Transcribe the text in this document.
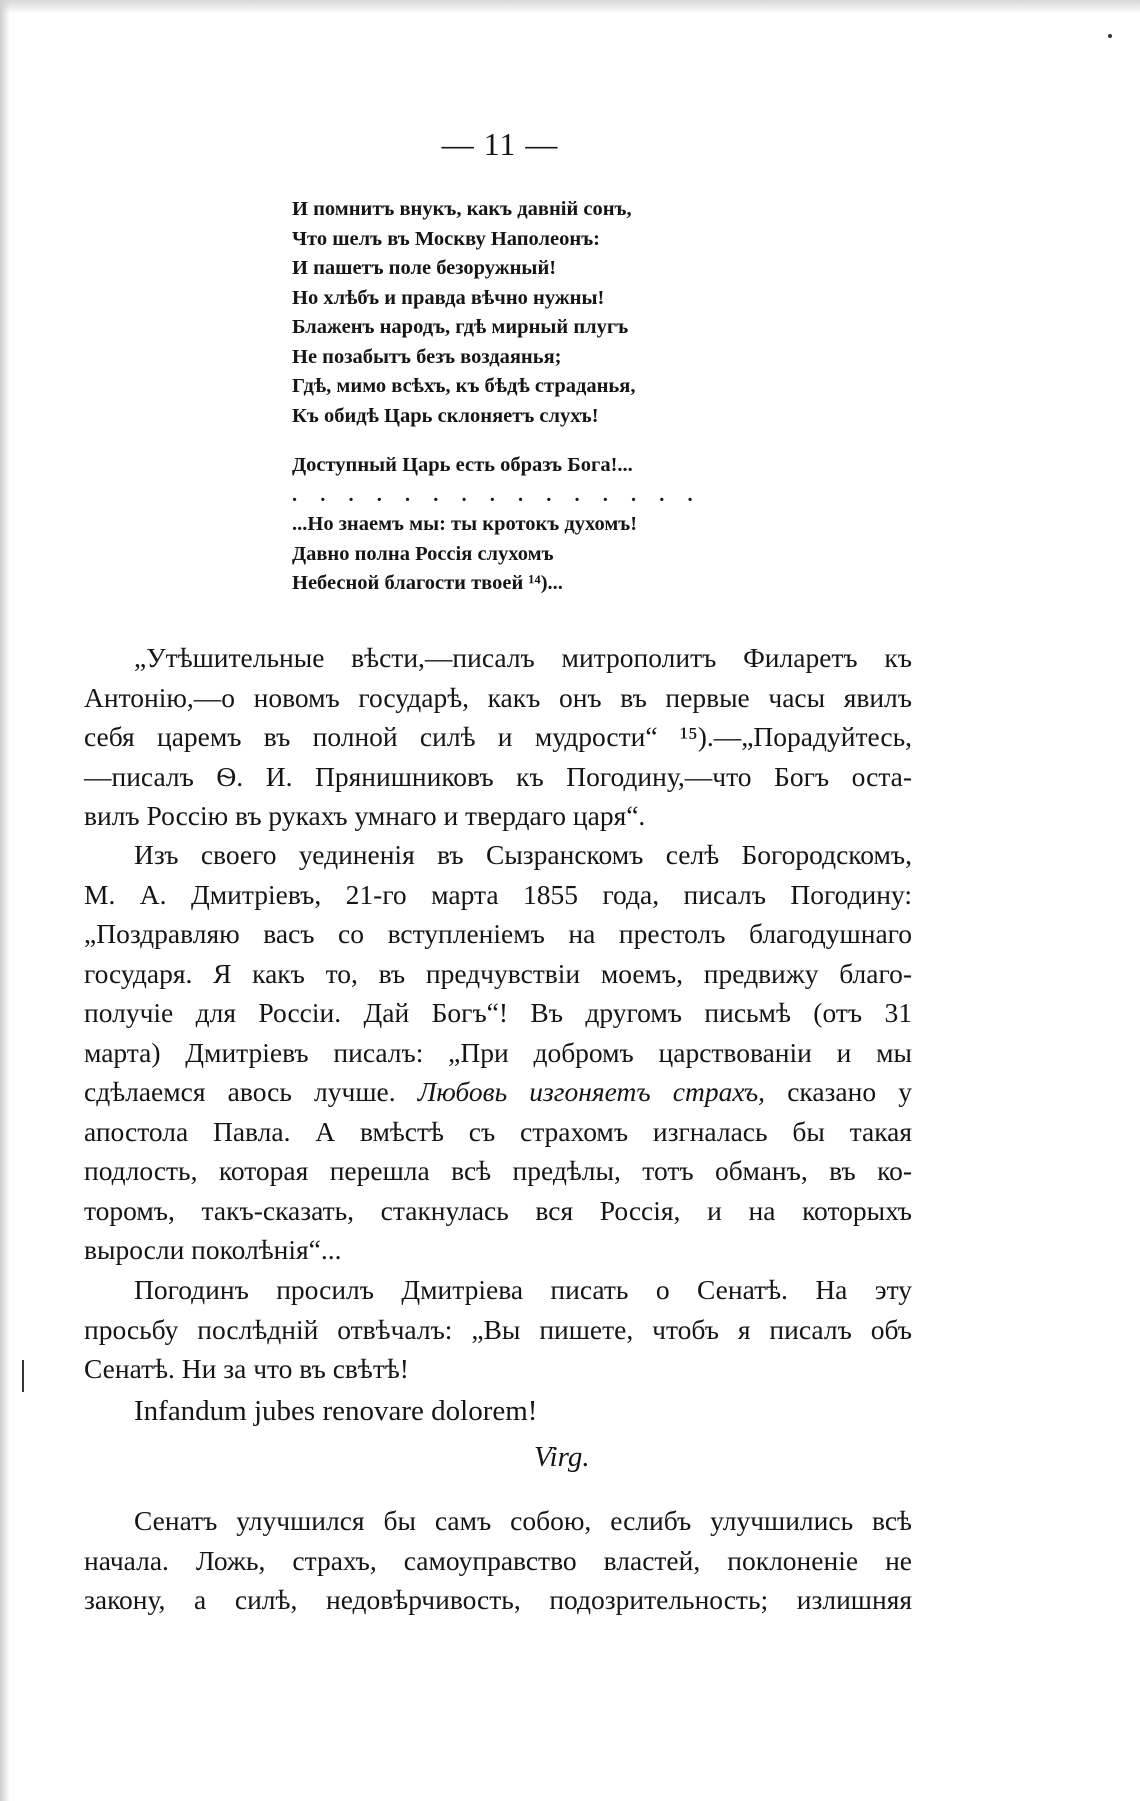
— 11 —
И помнитъ внукъ, какъ давній сонъ,
Что шелъ въ Москву Наполеонъ:
И пашетъ поле безоружный!
Но хлѣбъ и правда вѣчно нужны!
Блаженъ народъ, гдѣ мирный плугъ
Не позабытъ безъ воздаянья;
Гдѣ, мимо всѣхъ, къ бѣдѣ страданья,
Къ обидѣ Царь склоняетъ слухъ!
Доступный Царь есть образъ Бога!...
. . . . . . . . . . . . . . .
...Но знаемъ мы: ты кротокъ духомъ!
Давно полна Россія слухомъ
Небесной благости твоей ¹⁴)...
„Утѣшительные вѣсти,—писалъ митрополитъ Филаретъ къ
Антонію,—о новомъ государѣ, какъ онъ въ первые часы явилъ
себя царемъ въ полной силѣ и мудрости“ ¹⁵).—„Порадуйтесь,
—писалъ Ѳ. И. Прянишниковъ къ Погодину,—что Богъ оста-
вилъ Россію въ рукахъ умнаго и твердаго царя“.
Изъ своего уединенія въ Сызранскомъ селѣ Богородскомъ,
М. А. Дмитріевъ, 21-го марта 1855 года, писалъ Погодину:
„Поздравляю васъ со вступленіемъ на престолъ благодушнаго
государя. Я какъ то, въ предчувствіи моемъ, предвижу благо-
получіе для Россіи. Дай Богъ“! Въ другомъ письмѣ (отъ 31
марта) Дмитріевъ писалъ: „При добромъ царствованіи и мы
сдѣлаемся авось лучше. Любовь изгоняетъ страхъ, сказано у
апостола Павла. А вмѣстѣ съ страхомъ изгналась бы такая
подлость, которая перешла всѣ предѣлы, тотъ обманъ, въ ко-
торомъ, такъ-сказать, стакнулась вся Россія, и на которыхъ
выросли поколѣнія“...
Погодинъ просилъ Дмитріева писать о Сенатѣ. На эту
просьбу послѣдній отвѣчалъ: „Вы пишете, чтобъ я писалъ объ
Сенатѣ. Ни за что въ свѣтѣ!
Infandum jubes renovare dolorem!
Virg.
Сенатъ улучшился бы самъ собою, еслибъ улучшились всѣ
начала. Ложь, страхъ, самоуправство властей, поклоненіе не
закону, а силѣ, недовѣрчивость, подозрительность; излишняя
